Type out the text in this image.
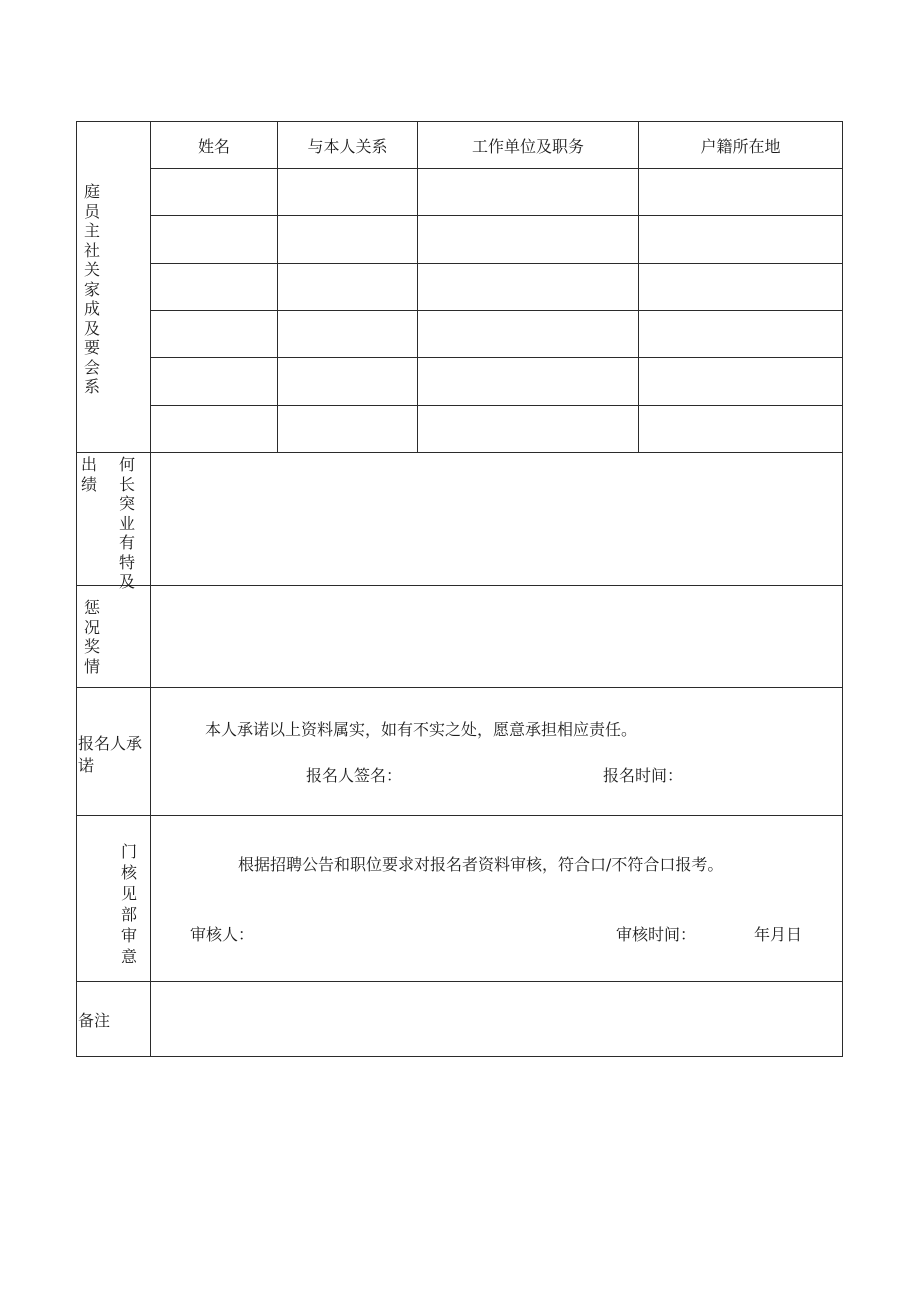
庭员主社关家成及要会系
姓名	与本人关系	工作单位及职务	户籍所在地
出绩
何长突业有特及
惩况奖情
报名人承诺
本人承诺以上资料属实，如有不实之处，愿意承担相应责任。
报名人签名：	报名时间：
门核见部审意
根据招聘公告和职位要求对报名者资料审核，符合口/不符合口报考。
审核人：	审核时间：	年月日
备注
